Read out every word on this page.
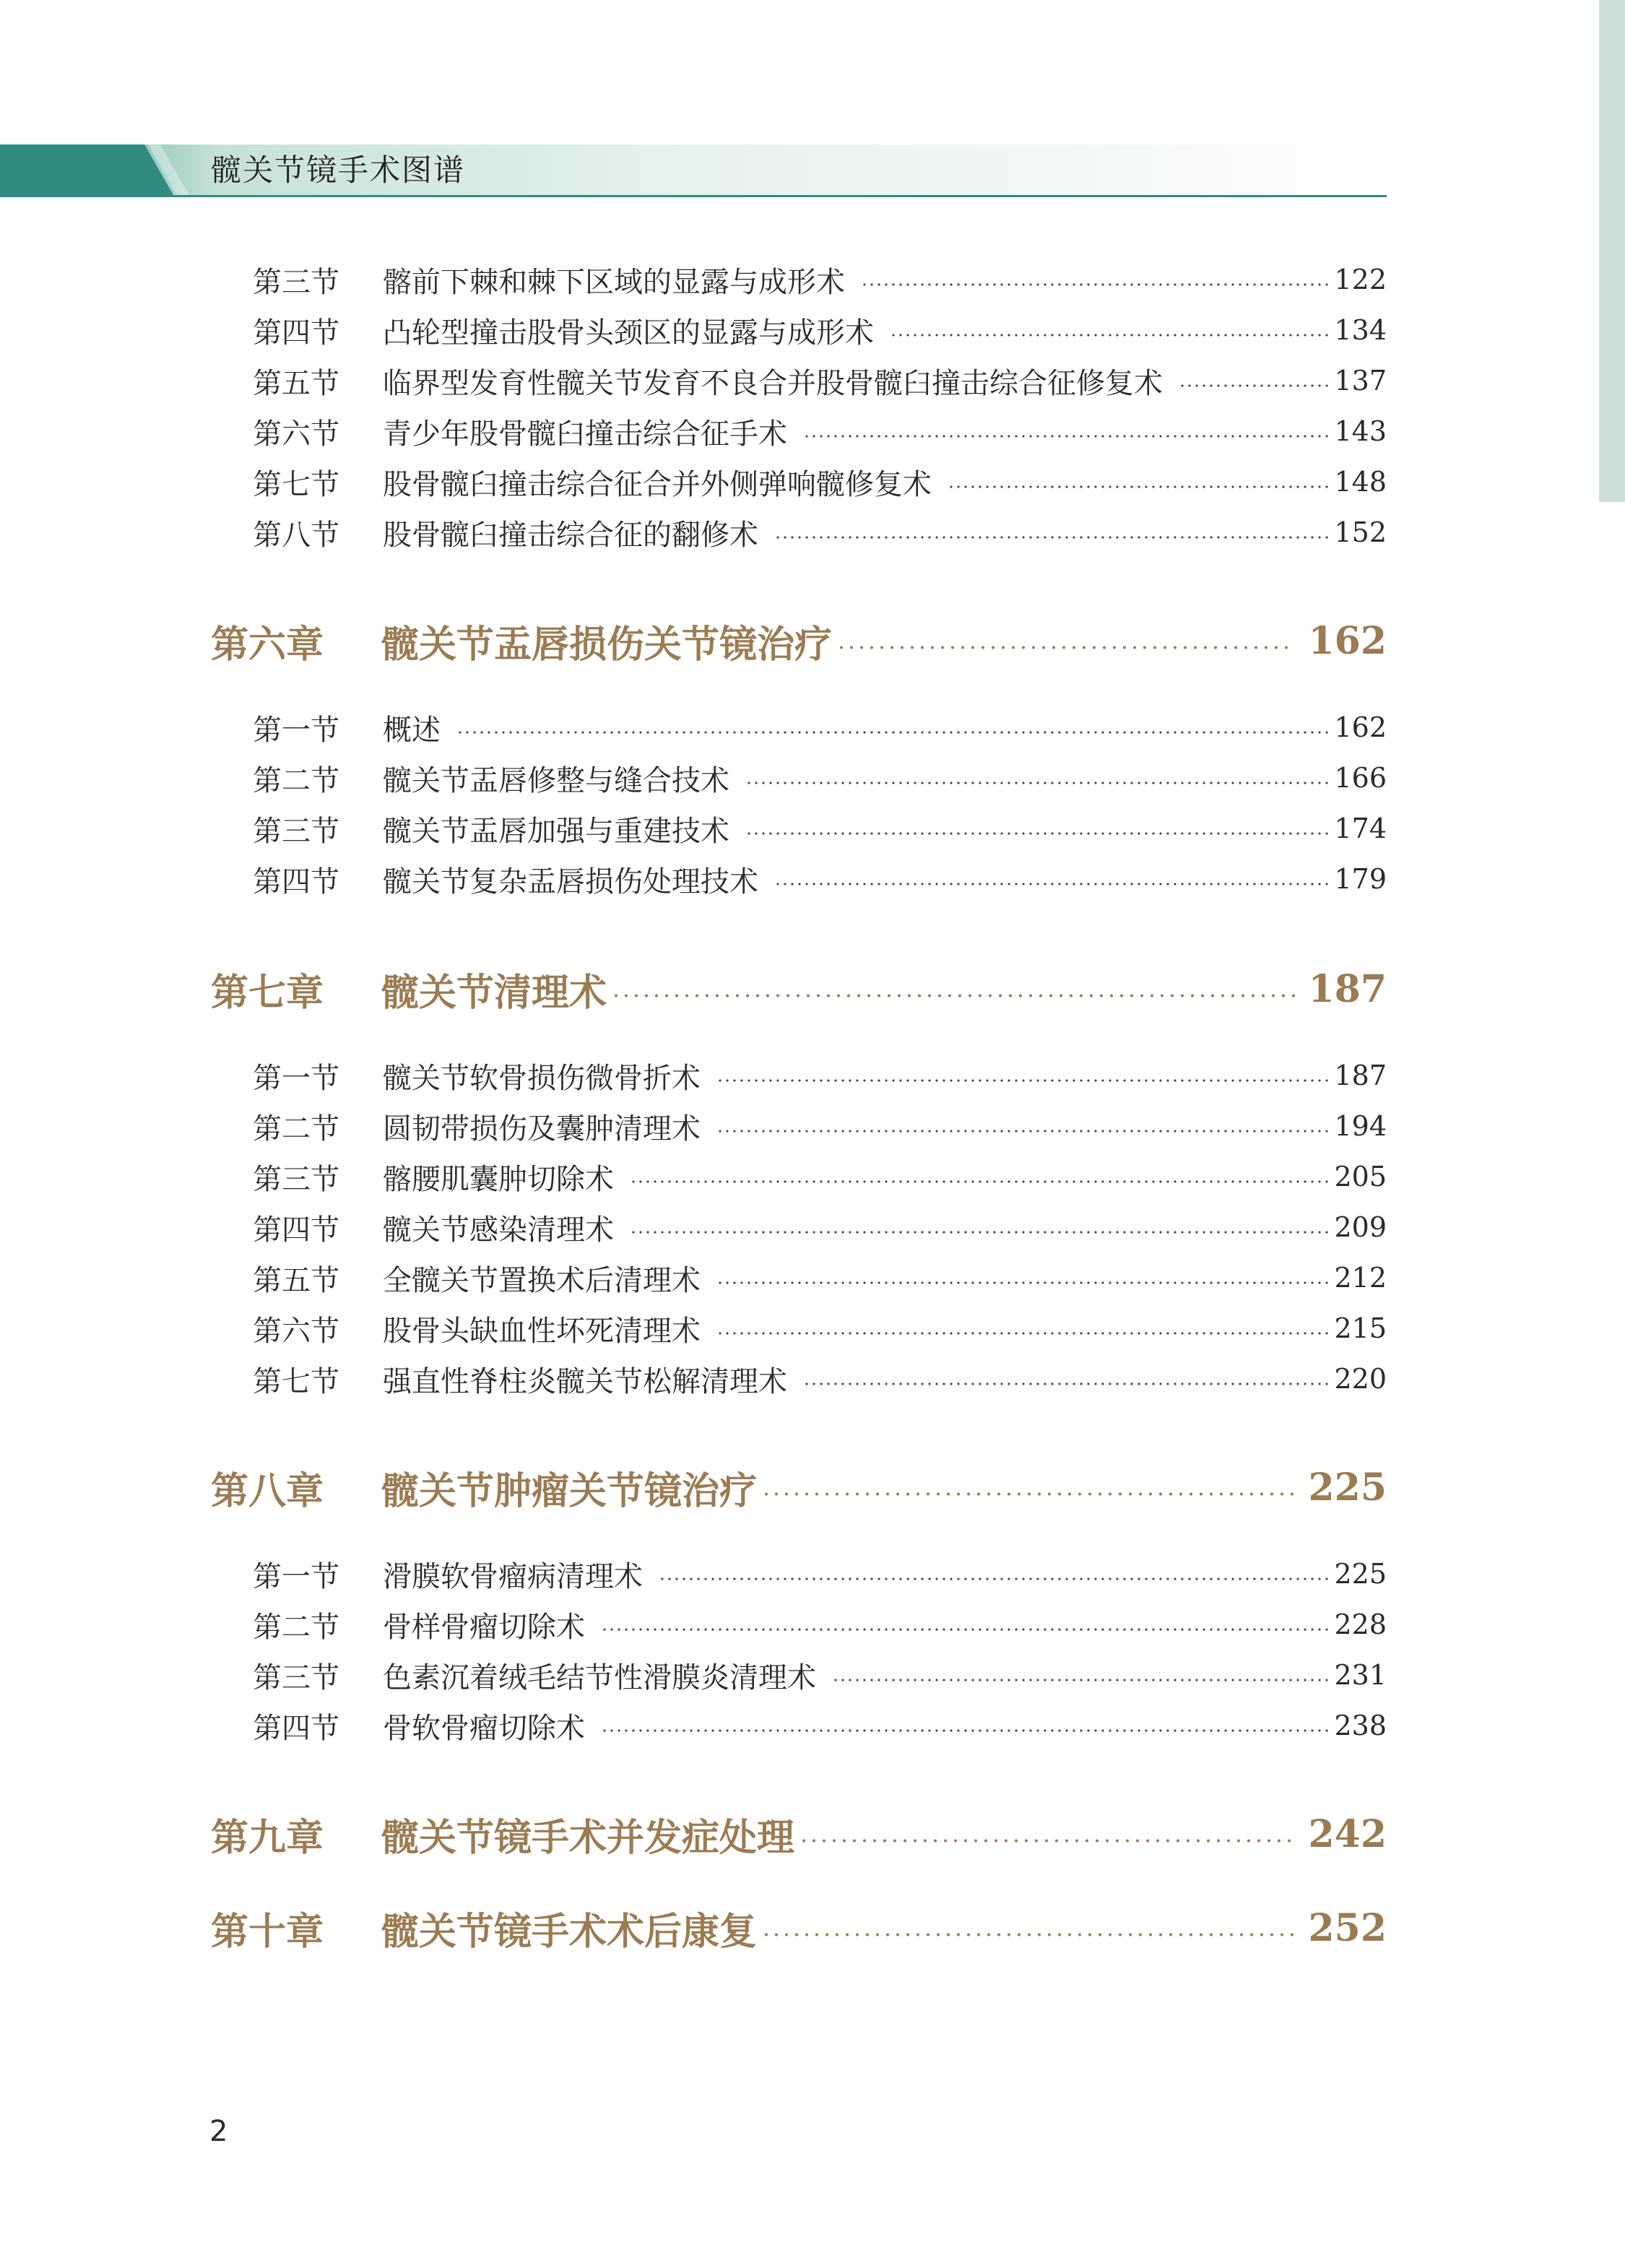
髋关节镜手术图谱
第三节	髂前下棘和棘下区域的显露与成形术	122
第四节	凸轮型撞击股骨头颈区的显露与成形术	134
第五节	临界型发育性髋关节发育不良合并股骨髋臼撞击综合征修复术	137
第六节	青少年股骨髋臼撞击综合征手术	143
第七节	股骨髋臼撞击综合征合并外侧弹响髋修复术	148
第八节	股骨髋臼撞击综合征的翻修术	152
第六章	髋关节盂唇损伤关节镜治疗	162
第一节	概述	162
第二节	髋关节盂唇修整与缝合技术	166
第三节	髋关节盂唇加强与重建技术	174
第四节	髋关节复杂盂唇损伤处理技术	179
第七章	髋关节清理术	187
第一节	髋关节软骨损伤微骨折术	187
第二节	圆韧带损伤及囊肿清理术	194
第三节	髂腰肌囊肿切除术	205
第四节	髋关节感染清理术	209
第五节	全髋关节置换术后清理术	212
第六节	股骨头缺血性坏死清理术	215
第七节	强直性脊柱炎髋关节松解清理术	220
第八章	髋关节肿瘤关节镜治疗	225
第一节	滑膜软骨瘤病清理术	225
第二节	骨样骨瘤切除术	228
第三节	色素沉着绒毛结节性滑膜炎清理术	231
第四节	骨软骨瘤切除术	238
第九章	髋关节镜手术并发症处理	242
第十章	髋关节镜手术术后康复	252
2
